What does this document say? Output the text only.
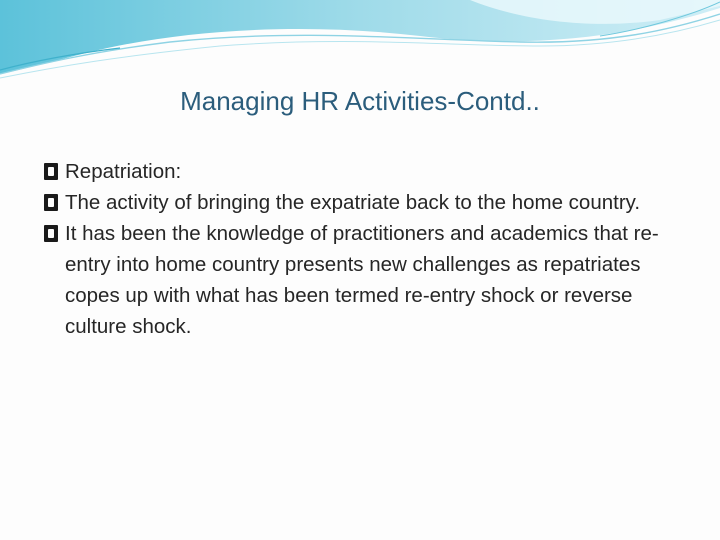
Managing HR Activities-Contd..
Repatriation:
The activity of bringing the expatriate back to the home country.
It has been the knowledge of practitioners and academics that re-entry into home country presents new challenges as repatriates copes up with what has been termed re-entry shock or reverse culture shock.
